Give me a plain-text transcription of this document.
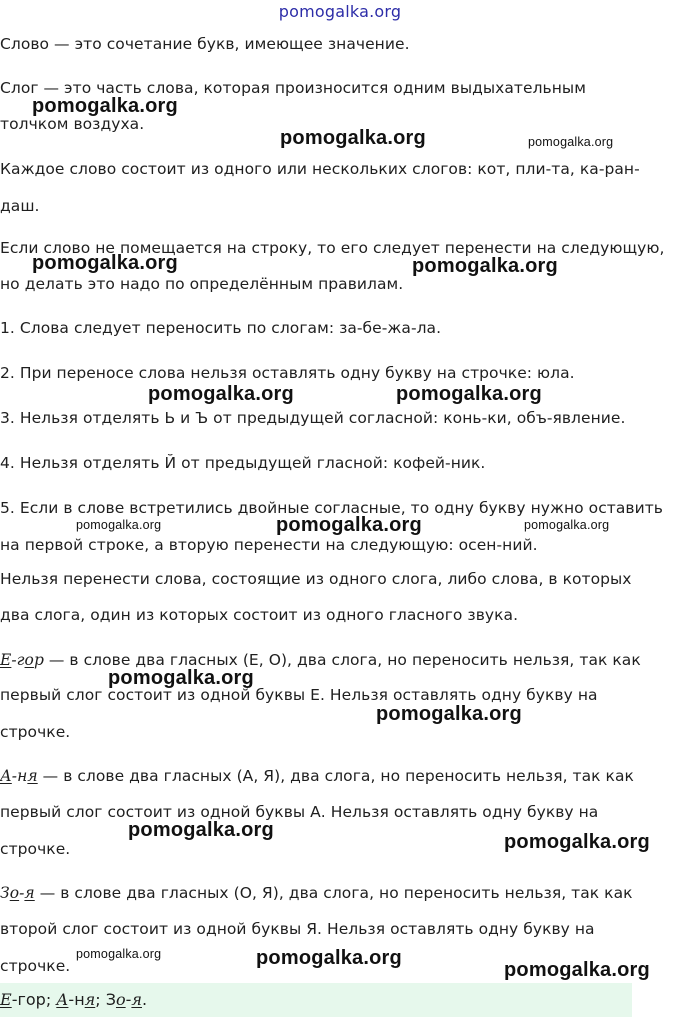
pomogalka.org

Слово — это сочетание букв, имеющее значение.

Слог — это часть слова, которая произносится одним выдыхательным

толчком воздуха.

Каждое слово состоит из одного или нескольких слогов: кот, пли-та, ка-ран-

даш.

Если слово не помещается на строку, то его следует перенести на следующую,

но делать это надо по определённым правилам.

1. Слова следует переносить по слогам: за-бе-жа-ла.

2. При переносе слова нельзя оставлять одну букву на строчке: юла.

3. Нельзя отделять Ь и Ъ от предыдущей согласной: конь-ки, объ-явление.

4. Нельзя отделять Й от предыдущей гласной: кофей-ник.

5. Если в слове встретились двойные согласные, то одну букву нужно оставить

на первой строке, а вторую перенести на следующую: осен-ний.

Нельзя перенести слова, состоящие из одного слога, либо слова, в которых

два слога, один из которых состоит из одного гласного звука.

Е-гор — в слове два гласных (Е, О), два слога, но переносить нельзя, так как

первый слог состоит из одной буквы Е. Нельзя оставлять одну букву на

строчке.

А-ня — в слове два гласных (А, Я), два слога, но переносить нельзя, так как

первый слог состоит из одной буквы А. Нельзя оставлять одну букву на

строчке.

Зо-я — в слове два гласных (О, Я), два слога, но переносить нельзя, так как

второй слог состоит из одной буквы Я. Нельзя оставлять одну букву на

строчке.

Е-гор; А-ня; Зо-я.
pomogalka.org
pomogalka.org	pomogalka.org
pomogalka.org	pomogalka.org
pomogalka.org	pomogalka.org
pomogalka.org	pomogalka.org	pomogalka.org
pomogalka.org
pomogalka.org
pomogalka.org
pomogalka.org
pomogalka.org	pomogalka.org
pomogalka.org
